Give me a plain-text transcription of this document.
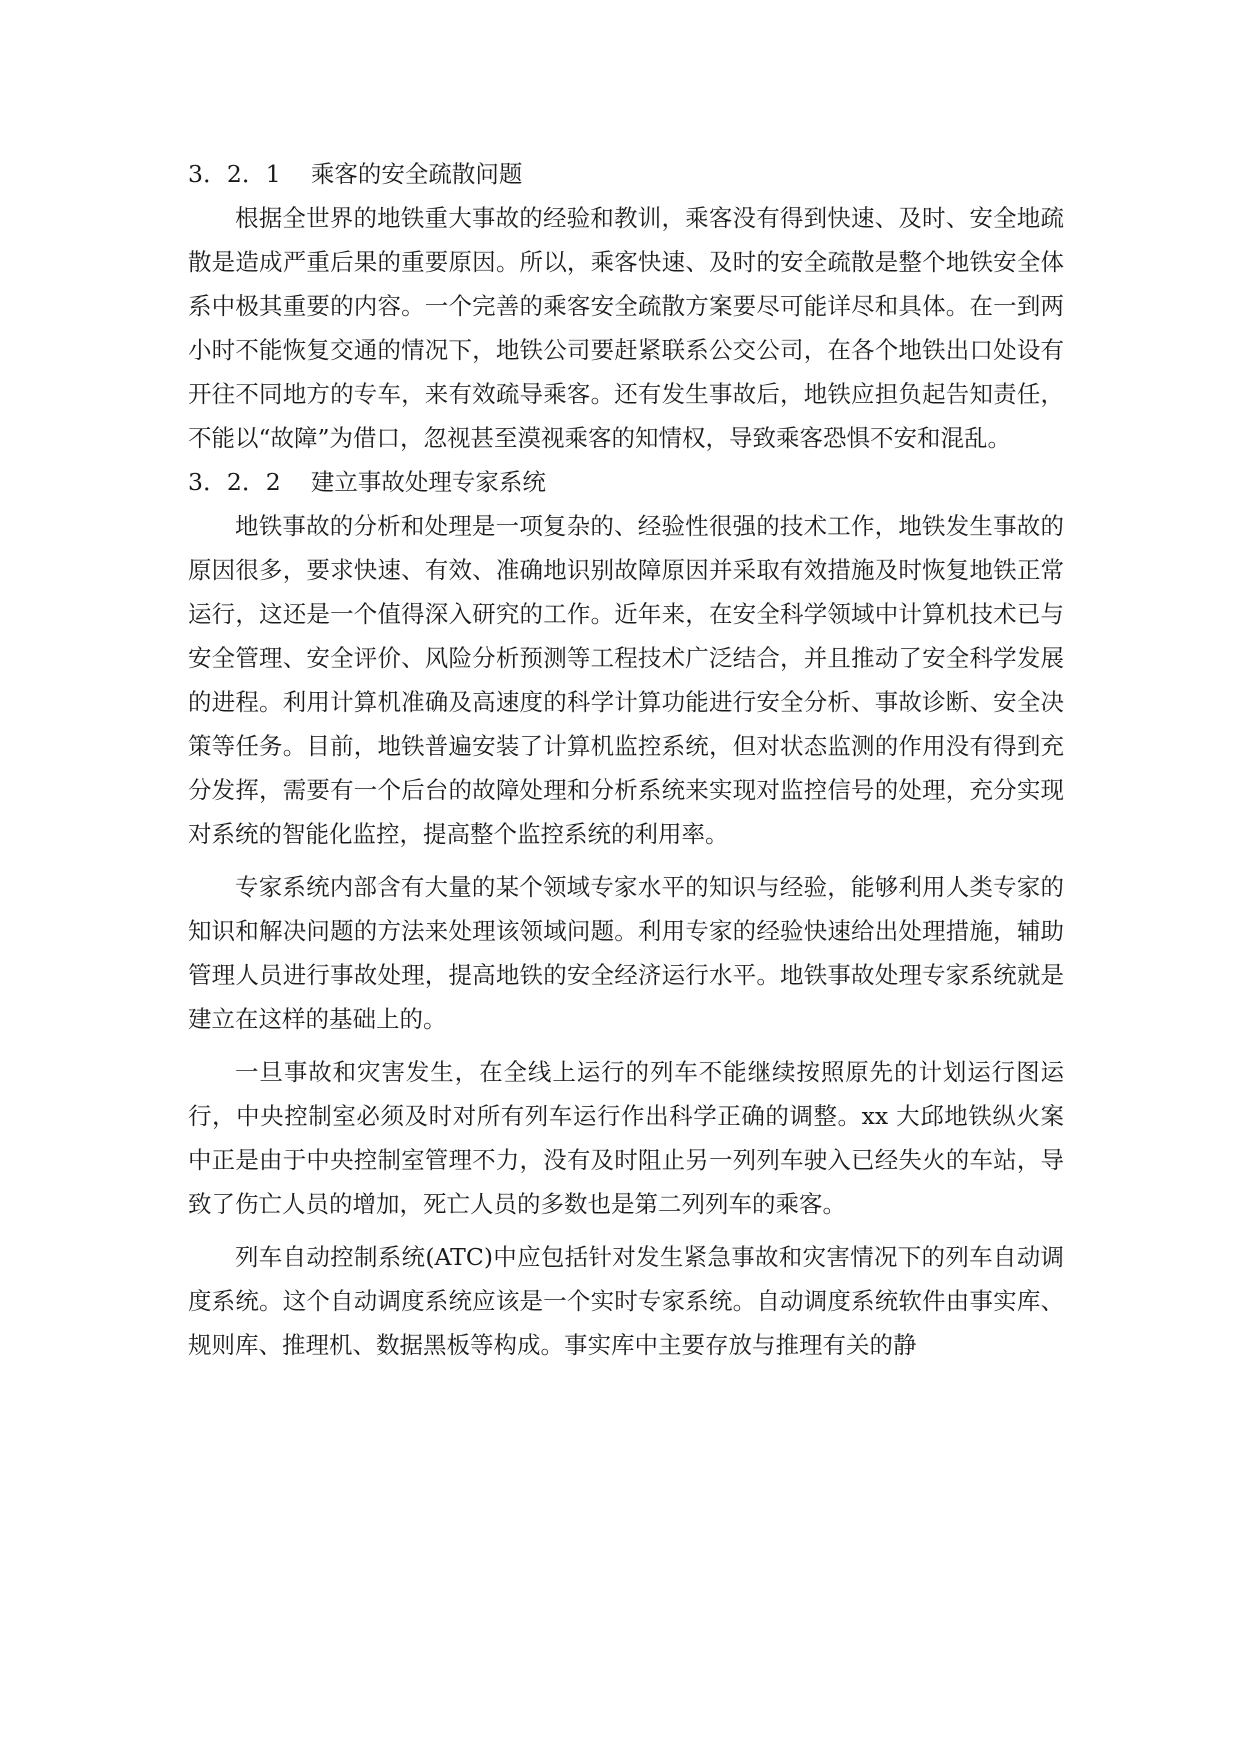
3．2．1 乘客的安全疏散问题

根据全世界的地铁重大事故的经验和教训，乘客没有得到快速、及时、安全地疏散是造成严重后果的重要原因。所以，乘客快速、及时的安全疏散是整个地铁安全体系中极其重要的内容。一个完善的乘客安全疏散方案要尽可能详尽和具体。在一到两小时不能恢复交通的情况下，地铁公司要赶紧联系公交公司，在各个地铁出口处设有开往不同地方的专车，来有效疏导乘客。还有发生事故后，地铁应担负起告知责任，不能以“故障”为借口，忽视甚至漠视乘客的知情权，导致乘客恐惧不安和混乱。

3．2．2 建立事故处理专家系统

地铁事故的分析和处理是一项复杂的、经验性很强的技术工作，地铁发生事故的原因很多，要求快速、有效、准确地识别故障原因并采取有效措施及时恢复地铁正常运行，这还是一个值得深入研究的工作。近年来，在安全科学领域中计算机技术已与安全管理、安全评价、风险分析预测等工程技术广泛结合，并且推动了安全科学发展的进程。利用计算机准确及高速度的科学计算功能进行安全分析、事故诊断、安全决策等任务。目前，地铁普遍安装了计算机监控系统，但对状态监测的作用没有得到充分发挥，需要有一个后台的故障处理和分析系统来实现对监控信号的处理，充分实现对系统的智能化监控，提高整个监控系统的利用率。

专家系统内部含有大量的某个领域专家水平的知识与经验，能够利用人类专家的知识和解决问题的方法来处理该领域问题。利用专家的经验快速给出处理措施，辅助管理人员进行事故处理，提高地铁的安全经济运行水平。地铁事故处理专家系统就是建立在这样的基础上的。

一旦事故和灾害发生，在全线上运行的列车不能继续按照原先的计划运行图运行，中央控制室必须及时对所有列车运行作出科学正确的调整。xx 大邱地铁纵火案中正是由于中央控制室管理不力，没有及时阻止另一列列车驶入已经失火的车站，导致了伤亡人员的增加，死亡人员的多数也是第二列列车的乘客。

列车自动控制系统(ATC)中应包括针对发生紧急事故和灾害情况下的列车自动调度系统。这个自动调度系统应该是一个实时专家系统。自动调度系统软件由事实库、规则库、推理机、数据黑板等构成。事实库中主要存放与推理有关的静
